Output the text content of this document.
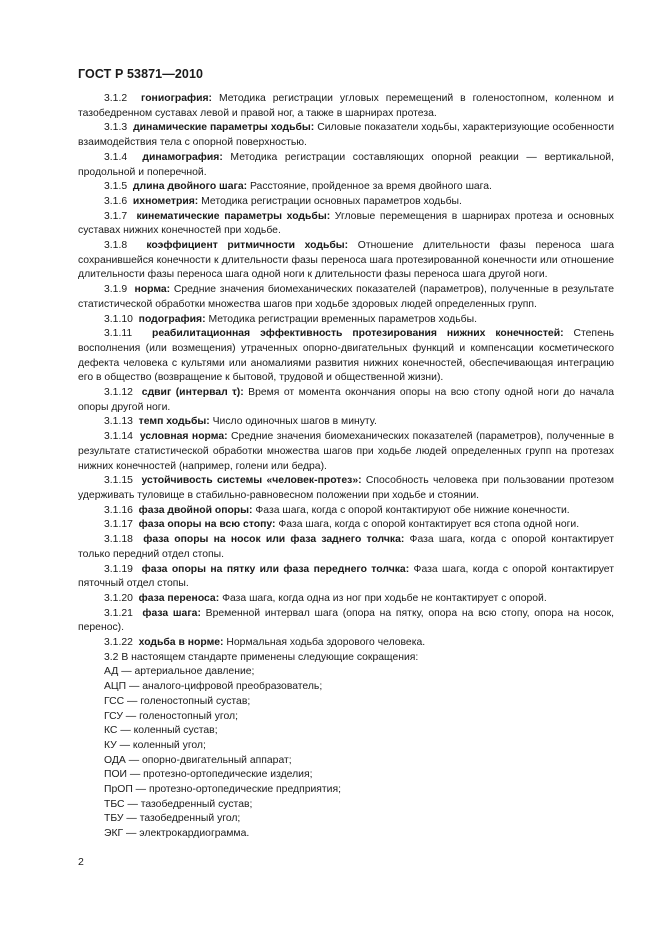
ГОСТ Р 53871—2010

3.1.2 гониография: Методика регистрации угловых перемещений в голеностопном, коленном и тазобедренном суставах левой и правой ног, а также в шарнирах протеза.

3.1.3 динамические параметры ходьбы: Силовые показатели ходьбы, характеризующие особенности взаимодействия тела с опорной поверхностью.

3.1.4 динамография: Методика регистрации составляющих опорной реакции — вертикальной, продольной и поперечной.

3.1.5 длина двойного шага: Расстояние, пройденное за время двойного шага.

3.1.6 ихнометрия: Методика регистрации основных параметров ходьбы.

3.1.7 кинематические параметры ходьбы: Угловые перемещения в шарнирах протеза и основных суставах нижних конечностей при ходьбе.

3.1.8 коэффициент ритмичности ходьбы: Отношение длительности фазы переноса шага сохранившейся конечности к длительности фазы переноса шага протезированной конечности или отношение длительности фазы переноса шага одной ноги к длительности фазы переноса шага другой ноги.

3.1.9 норма: Средние значения биомеханических показателей (параметров), полученные в результате статистической обработки множества шагов при ходьбе здоровых людей определенных групп.

3.1.10 подография: Методика регистрации временных параметров ходьбы.

3.1.11 реабилитационная эффективность протезирования нижних конечностей: Степень восполнения (или возмещения) утраченных опорно-двигательных функций и компенсации косметического дефекта человека с культями или аномалиями развития нижних конечностей, обеспечивающая интеграцию его в общество (возвращение к бытовой, трудовой и общественной жизни).

3.1.12 сдвиг (интервал τ): Время от момента окончания опоры на всю стопу одной ноги до начала опоры другой ноги.

3.1.13 темп ходьбы: Число одиночных шагов в минуту.

3.1.14 условная норма: Средние значения биомеханических показателей (параметров), полученные в результате статистической обработки множества шагов при ходьбе людей определенных групп на протезах нижних конечностей (например, голени или бедра).

3.1.15 устойчивость системы «человек-протез»: Способность человека при пользовании протезом удерживать туловище в стабильно-равновесном положении при ходьбе и стоянии.

3.1.16 фаза двойной опоры: Фаза шага, когда с опорой контактируют обе нижние конечности.

3.1.17 фаза опоры на всю стопу: Фаза шага, когда с опорой контактирует вся стопа одной ноги.

3.1.18 фаза опоры на носок или фаза заднего толчка: Фаза шага, когда с опорой контактирует только передний отдел стопы.

3.1.19 фаза опоры на пятку или фаза переднего толчка: Фаза шага, когда с опорой контактирует пяточный отдел стопы.

3.1.20 фаза переноса: Фаза шага, когда одна из ног при ходьбе не контактирует с опорой.

3.1.21 фаза шага: Временной интервал шага (опора на пятку, опора на всю стопу, опора на носок, перенос).

3.1.22 ходьба в норме: Нормальная ходьба здорового человека.

3.2 В настоящем стандарте применены следующие сокращения:

АД — артериальное давление;

АЦП — аналого-цифровой преобразователь;

ГСС — голеностопный сустав;

ГСУ — голеностопный угол;

КС — коленный сустав;

КУ — коленный угол;

ОДА — опорно-двигательный аппарат;

ПОИ — протезно-ортопедические изделия;

ПрОП — протезно-ортопедические предприятия;

ТБС — тазобедренный сустав;

ТБУ — тазобедренный угол;

ЭКГ — электрокардиограмма.

2
